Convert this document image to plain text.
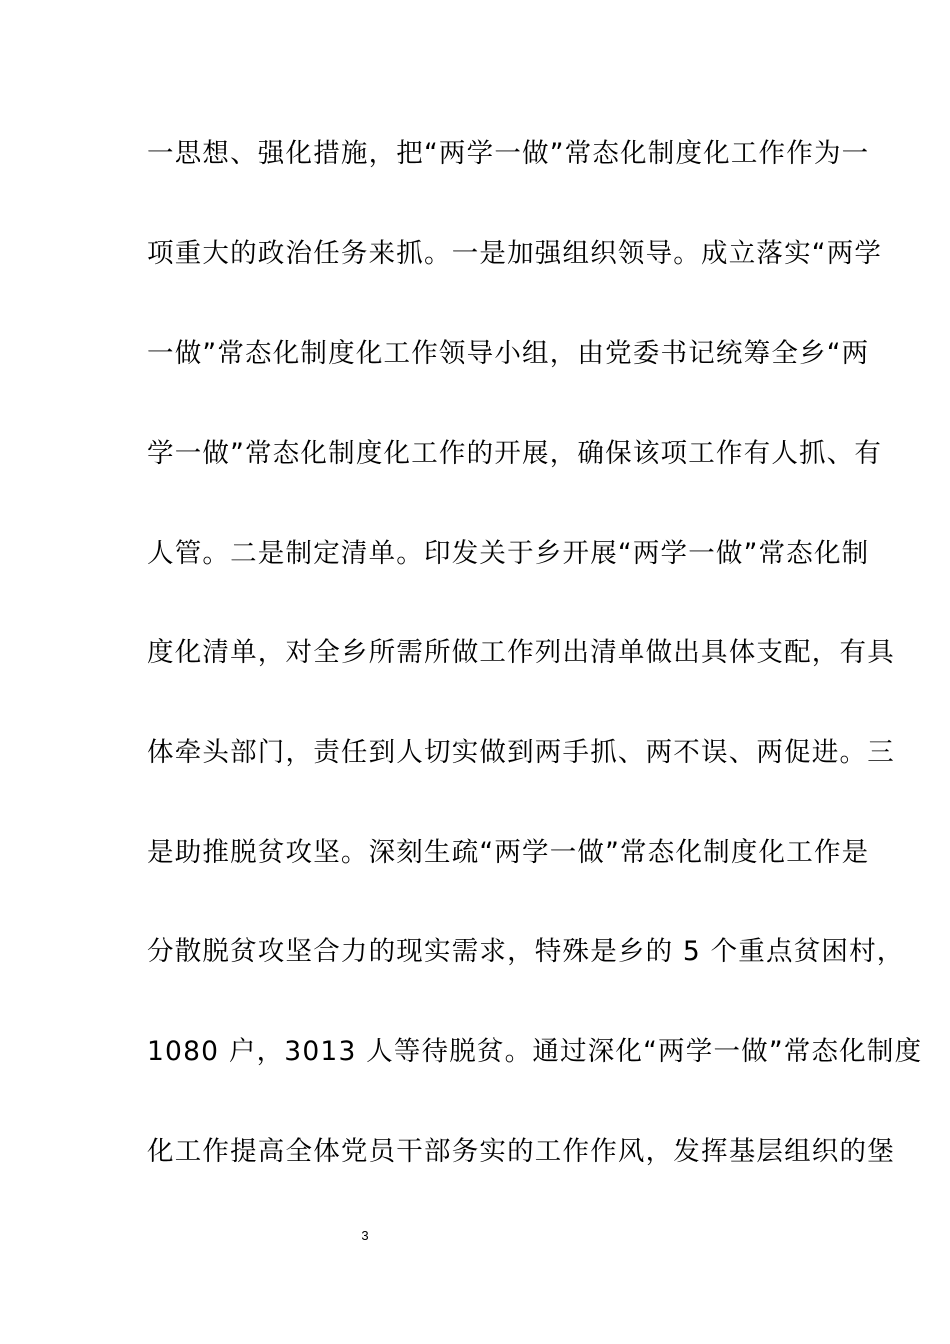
一思想、强化措施，把“两学一做”常态化制度化工作作为一
项重大的政治任务来抓。一是加强组织领导。成立落实“两学
一做”常态化制度化工作领导小组，由党委书记统筹全乡“两
学一做”常态化制度化工作的开展，确保该项工作有人抓、有
人管。二是制定清单。印发关于乡开展“两学一做”常态化制
度化清单，对全乡所需所做工作列出清单做出具体支配，有具
体牵头部门，责任到人切实做到两手抓、两不误、两促进。三
是助推脱贫攻坚。深刻生疏“两学一做”常态化制度化工作是
分散脱贫攻坚合力的现实需求，特殊是乡的 5 个重点贫困村，
1080 户，3013 人等待脱贫。通过深化“两学一做”常态化制度
化工作提高全体党员干部务实的工作作风，发挥基层组织的堡
3
